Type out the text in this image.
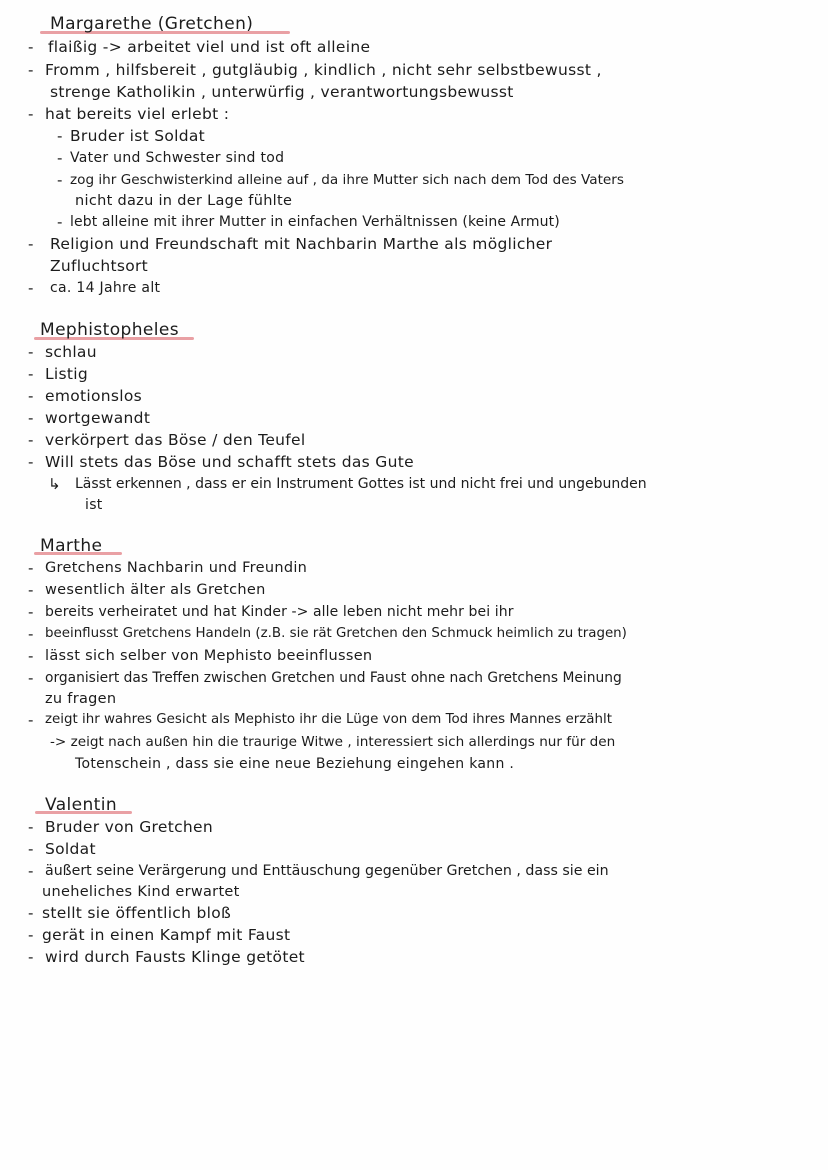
Margarethe (Gretchen)
- flaißig -> arbeitet viel und ist oft alleine
- Fromm , hilfsbereit , gutgläubig , kindlich , nicht sehr selbstbewusst ,
strenge Katholikin , unterwürfig , verantwortungsbewusst
- hat bereits viel erlebt :
- Bruder ist Soldat
- Vater und Schwester sind tod
- zog ihr Geschwisterkind alleine auf , da ihre Mutter sich nach dem Tod des Vaters
nicht dazu in der Lage fühlte
- lebt alleine mit ihrer Mutter in einfachen Verhältnissen (keine Armut)
- Religion und Freundschaft mit Nachbarin Marthe als möglicher
Zufluchtsort
- ca. 14 Jahre alt
Mephistopheles
- schlau
- Listig
- emotionslos
- wortgewandt
- verkörpert das Böse / den Teufel
- Will stets das Böse und schafft stets das Gute
↳ Lässt erkennen , dass er ein Instrument Gottes ist und nicht frei und ungebunden
ist
Marthe
- Gretchens Nachbarin und Freundin
- wesentlich älter als Gretchen
- bereits verheiratet und hat Kinder -> alle leben nicht mehr bei ihr
- beeinflusst Gretchens Handeln (z.B. sie rät Gretchen den Schmuck heimlich zu tragen)
- lässt sich selber von Mephisto beeinflussen
- organisiert das Treffen zwischen Gretchen und Faust ohne nach Gretchens Meinung
zu fragen
- zeigt ihr wahres Gesicht als Mephisto ihr die Lüge von dem Tod ihres Mannes erzählt
-> zeigt nach außen hin die traurige Witwe , interessiert sich allerdings nur für den
Totenschein , dass sie eine neue Beziehung eingehen kann .
Valentin
- Bruder von Gretchen
- Soldat
- äußert seine Verärgerung und Enttäuschung gegenüber Gretchen , dass sie ein
uneheliches Kind erwartet
- stellt sie öffentlich bloß
- gerät in einen Kampf mit Faust
- wird durch Fausts Klinge getötet
